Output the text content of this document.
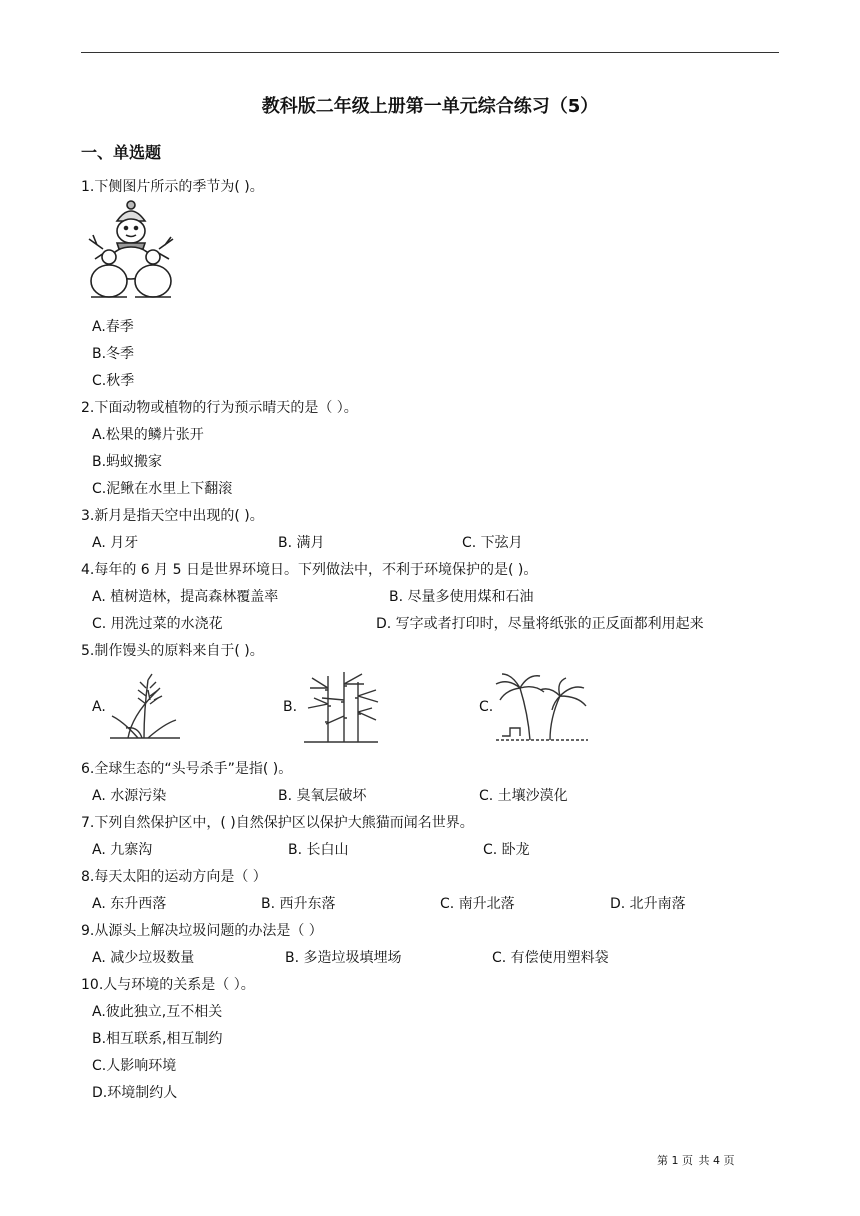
教科版二年级上册第一单元综合练习（5）
一、单选题
1.下侧图片所示的季节为( )。
A.春季
B.冬季
C.秋季
2.下面动物或植物的行为预示晴天的是（ ）。
A.松果的鳞片张开
B.蚂蚁搬家
C.泥鳅在水里上下翻滚
3.新月是指天空中出现的( )。
A. 月牙	B. 满月	C. 下弦月
4.每年的 6 月 5 日是世界环境日。下列做法中，不利于环境保护的是( )。
A. 植树造林，提高森林覆盖率	B. 尽量多使用煤和石油
C. 用洗过菜的水浇花	D. 写字或者打印时，尽量将纸张的正反面都利用起来
5.制作馒头的原料来自于( )。
A.	B.	C.
6.全球生态的“头号杀手”是指( )。
A. 水源污染	B. 臭氧层破坏	C. 土壤沙漠化
7.下列自然保护区中，( )自然保护区以保护大熊猫而闻名世界。
A. 九寨沟	B. 长白山	C. 卧龙
8.每天太阳的运动方向是（ ）
A. 东升西落	B. 西升东落	C. 南升北落	D. 北升南落
9.从源头上解决垃圾问题的办法是（ ）
A. 减少垃圾数量	B. 多造垃圾填埋场	C. 有偿使用塑料袋
10.人与环境的关系是（ ）。
A.彼此独立,互不相关
B.相互联系,相互制约
C.人影响环境
D.环境制约人
第 1 页 共 4 页
